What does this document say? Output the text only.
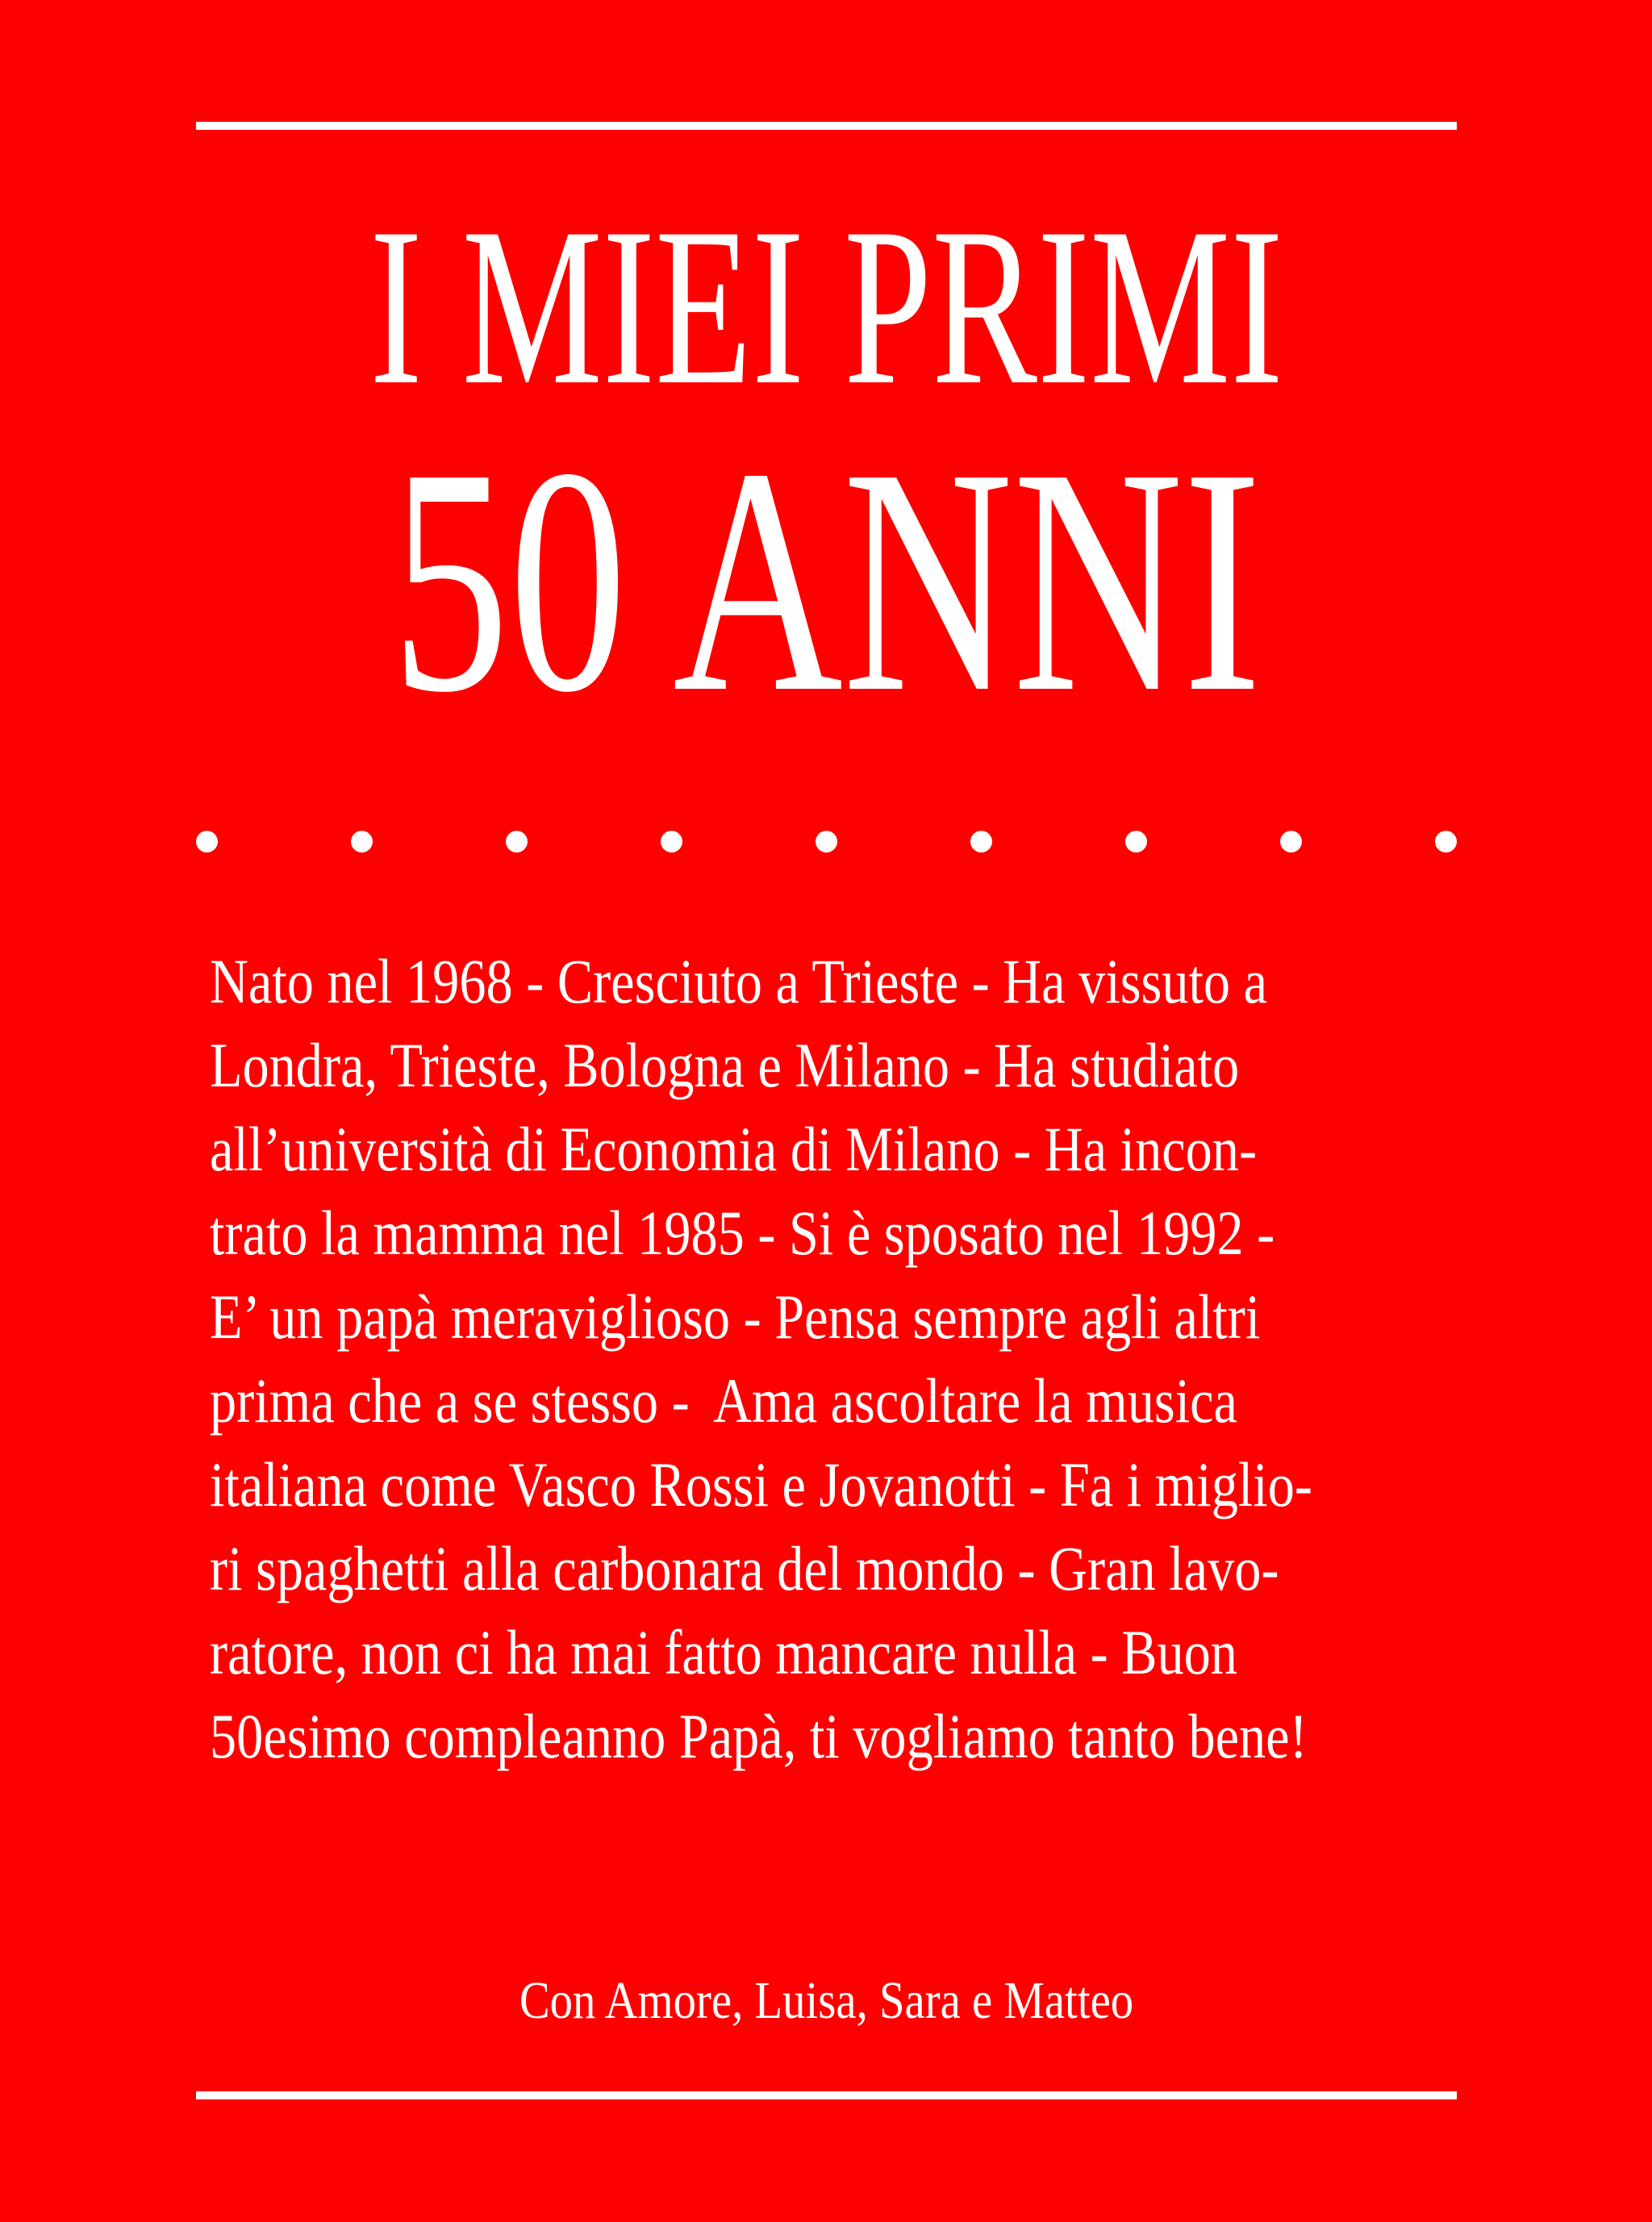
I MIEI PRIMI
50 ANNI
Nato nel 1968 - Cresciuto a Trieste - Ha vissuto a
Londra, Trieste, Bologna e Milano - Ha studiato
all’università di Economia di Milano - Ha incon-
trato la mamma nel 1985 - Si è sposato nel 1992 -
E’ un papà meraviglioso - Pensa sempre agli altri
prima che a se stesso -  Ama ascoltare la musica
italiana come Vasco Rossi e Jovanotti - Fa i miglio-
ri spaghetti alla carbonara del mondo - Gran lavo-
ratore, non ci ha mai fatto mancare nulla - Buon
50esimo compleanno Papà, ti vogliamo tanto bene!
Con Amore, Luisa, Sara e Matteo
